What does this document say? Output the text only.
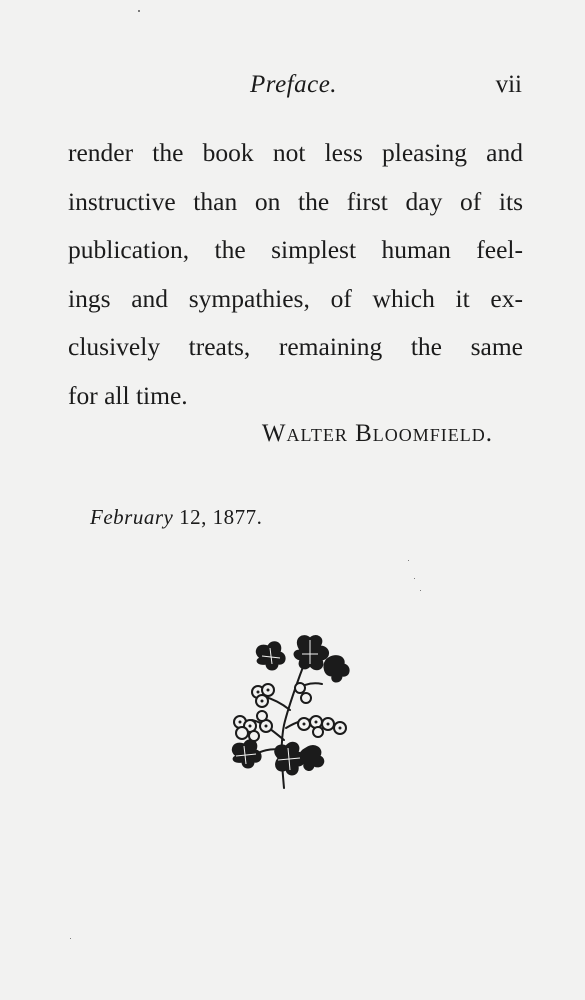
Preface.	vii
render the book not less pleasing and
instructive than on the first day of its
publication, the simplest human feel-
ings and sympathies, of which it ex-
clusively treats, remaining the same
for all time.
Walter Bloomfield.
February 12, 1877.
